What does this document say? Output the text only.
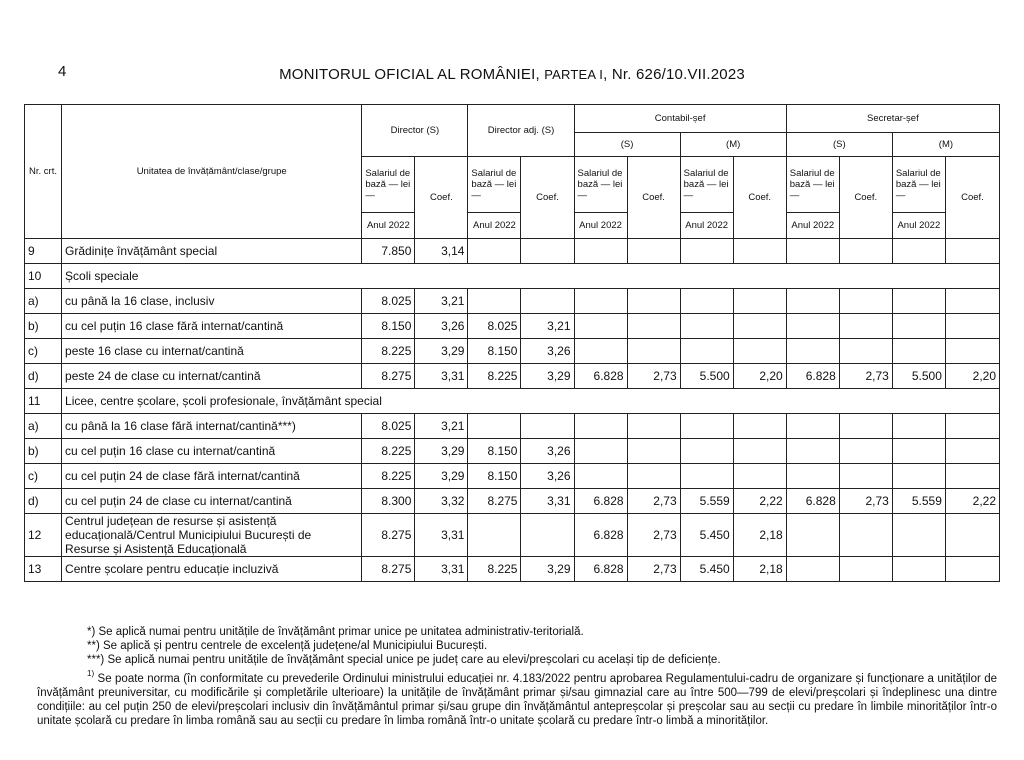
4	MONITORUL OFICIAL AL ROMÂNIEI, PARTEA I, Nr. 626/10.VII.2023
Nr. crt.	Unitatea de învățământ/clase/grupe	Director (S)		Director adj. (S)		Contabil-șef				Secretar-șef			
						(S)		(M)		(S)		(M)	
		Salariul de bază — lei —	Coef.	Salariul de bază — lei —	Coef.	Salariul de bază — lei —	Coef.	Salariul de bază — lei —	Coef.	Salariul de bază — lei —	Coef.	Salariul de bază — lei —	Coef.
		Anul 2022		Anul 2022		Anul 2022		Anul 2022		Anul 2022		Anul 2022	
9	Grădinițe învățământ special	7.850	3,14										
10	Școli speciale												
a)	cu până la 16 clase, inclusiv	8.025	3,21										
b)	cu cel puțin 16 clase fără internat/cantină	8.150	3,26	8.025	3,21								
c)	peste 16 clase cu internat/cantină	8.225	3,29	8.150	3,26								
d)	peste 24 de clase cu internat/cantină	8.275	3,31	8.225	3,29	6.828	2,73	5.500	2,20	6.828	2,73	5.500	2,20
11	Licee, centre școlare, școli profesionale, învățământ special												
a)	cu până la 16 clase fără internat/cantină***)	8.025	3,21										
b)	cu cel puțin 16 clase cu internat/cantină	8.225	3,29	8.150	3,26								
c)	cu cel puțin 24 de clase fără internat/cantină	8.225	3,29	8.150	3,26								
d)	cu cel puțin 24 de clase cu internat/cantină	8.300	3,32	8.275	3,31	6.828	2,73	5.559	2,22	6.828	2,73	5.559	2,22
12	Centrul județean de resurse și asistență educațională/Centrul Municipiului București de Resurse și Asistență Educațională	8.275	3,31			6.828	2,73	5.450	2,18				
13	Centre școlare pentru educație incluzivă	8.275	3,31	8.225	3,29	6.828	2,73	5.450	2,18				
*) Se aplică numai pentru unitățile de învățământ primar unice pe unitatea administrativ-teritorială.
**) Se aplică și pentru centrele de excelență județene/al Municipiului București.
***) Se aplică numai pentru unitățile de învățământ special unice pe județ care au elevi/preșcolari cu același tip de deficiențe.
$^{1)}$ Se poate norma (în conformitate cu prevederile Ordinului ministrului educației nr. 4.183/2022 pentru aprobarea Regulamentului-cadru de organizare și funcționare a unităților de învățământ preuniversitar, cu modificările și completările ulterioare) la unitățile de învățământ primar și/sau gimnazial care au între 500—799 de elevi/preșcolari și îndeplinesc una dintre condițiile: au cel puțin 250 de elevi/preșcolari inclusiv din învățământul primar și/sau grupe din învățământul antepreșcolar și preșcolar sau au secții cu predare în limbile minorităților într-o unitate școlară cu predare în limba română sau au secții cu predare în limba română într-o unitate școlară cu predare într-o limbă a minorităților.
